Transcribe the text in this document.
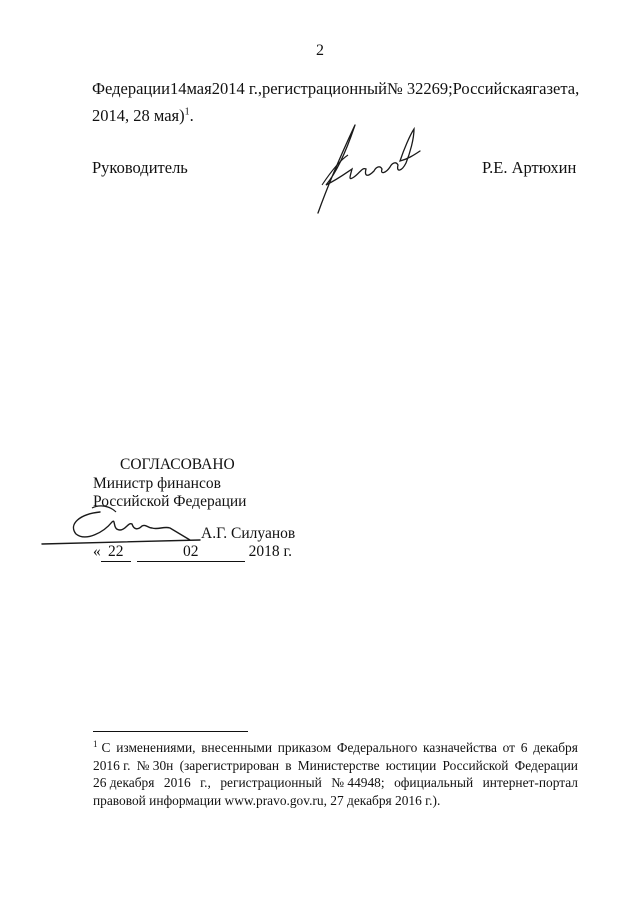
2
Федерации 14 мая 2014 г., регистрационный № 32269; Российская газета,
2014, 28 мая)$^1$.
Руководитель	Р.Е. Артюхин
СОГЛАСОВАНО
Министр финансов
Российской Федерации
А.Г. Силуанов
« 22	02	2018 г.
$^1$ С изменениями, внесенными приказом Федерального казначейства от 6 декабря
2016 г. № 30н (зарегистрирован в Министерстве юстиции Российской Федерации
26 декабря 2016 г., регистрационный № 44948; официальный интернет-портал
правовой информации www.pravo.gov.ru, 27 декабря 2016 г.).
